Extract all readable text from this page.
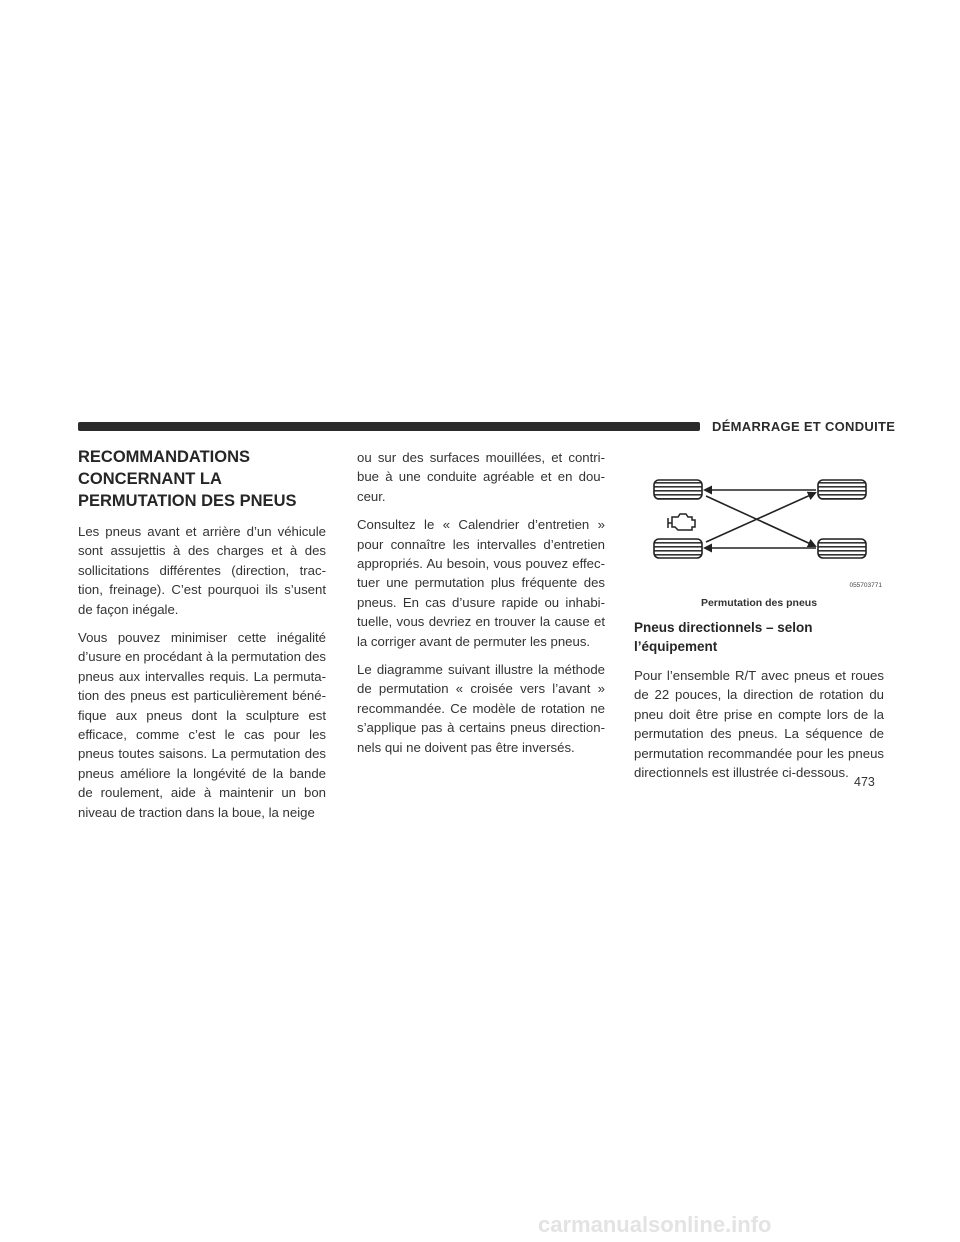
DÉMARRAGE ET CONDUITE
RECOMMANDATIONS CONCERNANT LA PERMUTATION DES PNEUS

Les pneus avant et arrière d’un véhicule sont assujettis à des charges et à des sollicitations différentes (direction, trac-tion, freinage). C’est pourquoi ils s’usent de façon inégale.

Vous pouvez minimiser cette inégalité d’usure en procédant à la permutation des pneus aux intervalles requis. La permuta-tion des pneus est particulièrement béné-fique aux pneus dont la sculpture est efficace, comme c’est le cas pour les pneus toutes saisons. La permutation des pneus améliore la longévité de la bande de roulement, aide à maintenir un bon niveau de traction dans la boue, la neige

ou sur des surfaces mouillées, et contri-bue à une conduite agréable et en dou-ceur.

Consultez le « Calendrier d’entretien » pour connaître les intervalles d’entretien appropriés. Au besoin, vous pouvez effec-tuer une permutation plus fréquente des pneus. En cas d’usure rapide ou inhabi-tuelle, vous devriez en trouver la cause et la corriger avant de permuter les pneus.

Le diagramme suivant illustre la méthode de permutation « croisée vers l’avant » recommandée. Ce modèle de rotation ne s’applique pas à certains pneus direction-nels qui ne doivent pas être inversés.

055703771
Permutation des pneus
Pneus directionnels – selon l’équipement

Pour l’ensemble R/T avec pneus et roues de 22 pouces, la direction de rotation du pneu doit être prise en compte lors de la permutation des pneus. La séquence de permutation recommandée pour les pneus directionnels est illustrée ci-dessous.

473
carmanualsonline.info
